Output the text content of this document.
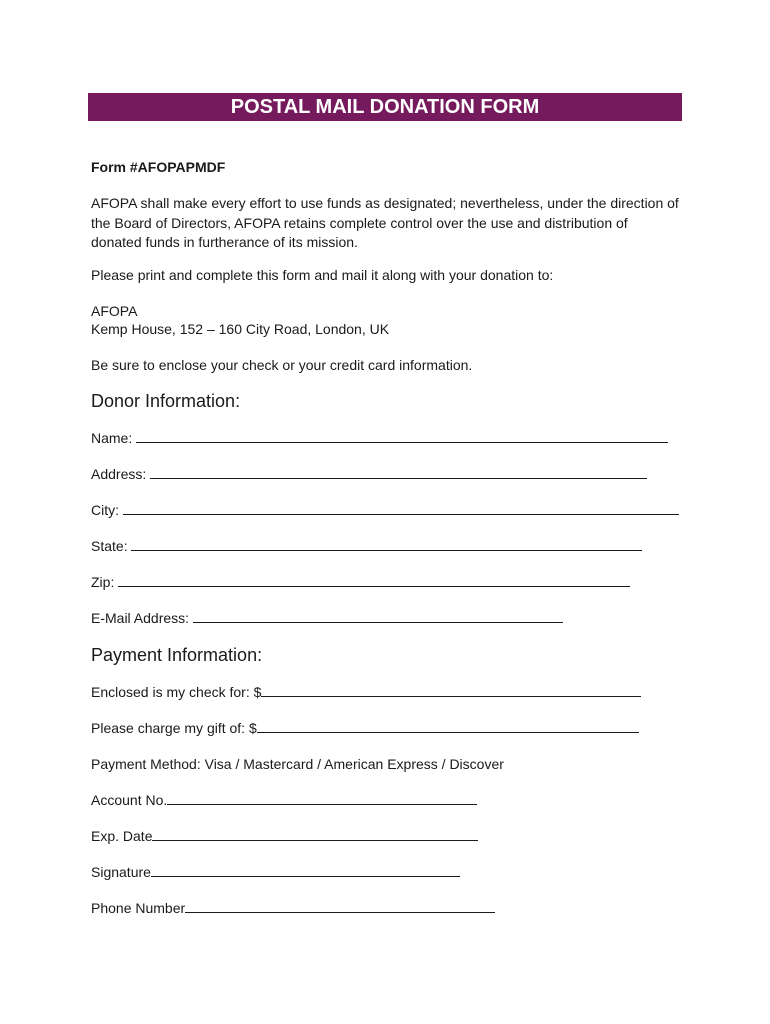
POSTAL MAIL DONATION FORM
Form #AFOPAPMDF
AFOPA shall make every effort to use funds as designated; nevertheless, under the direction of the Board of Directors, AFOPA retains complete control over the use and distribution of donated funds in furtherance of its mission.
Please print and complete this form and mail it along with your donation to:
AFOPA
Kemp House, 152 – 160 City Road, London, UK
Be sure to enclose your check or your credit card information.
Donor Information:
Name:
Address:
City:
State:
Zip:
E-Mail Address:
Payment Information:
Enclosed is my check for: $
Please charge my gift of: $
Payment Method: Visa / Mastercard / American Express / Discover
Account No.
Exp. Date
Signature
Phone Number
